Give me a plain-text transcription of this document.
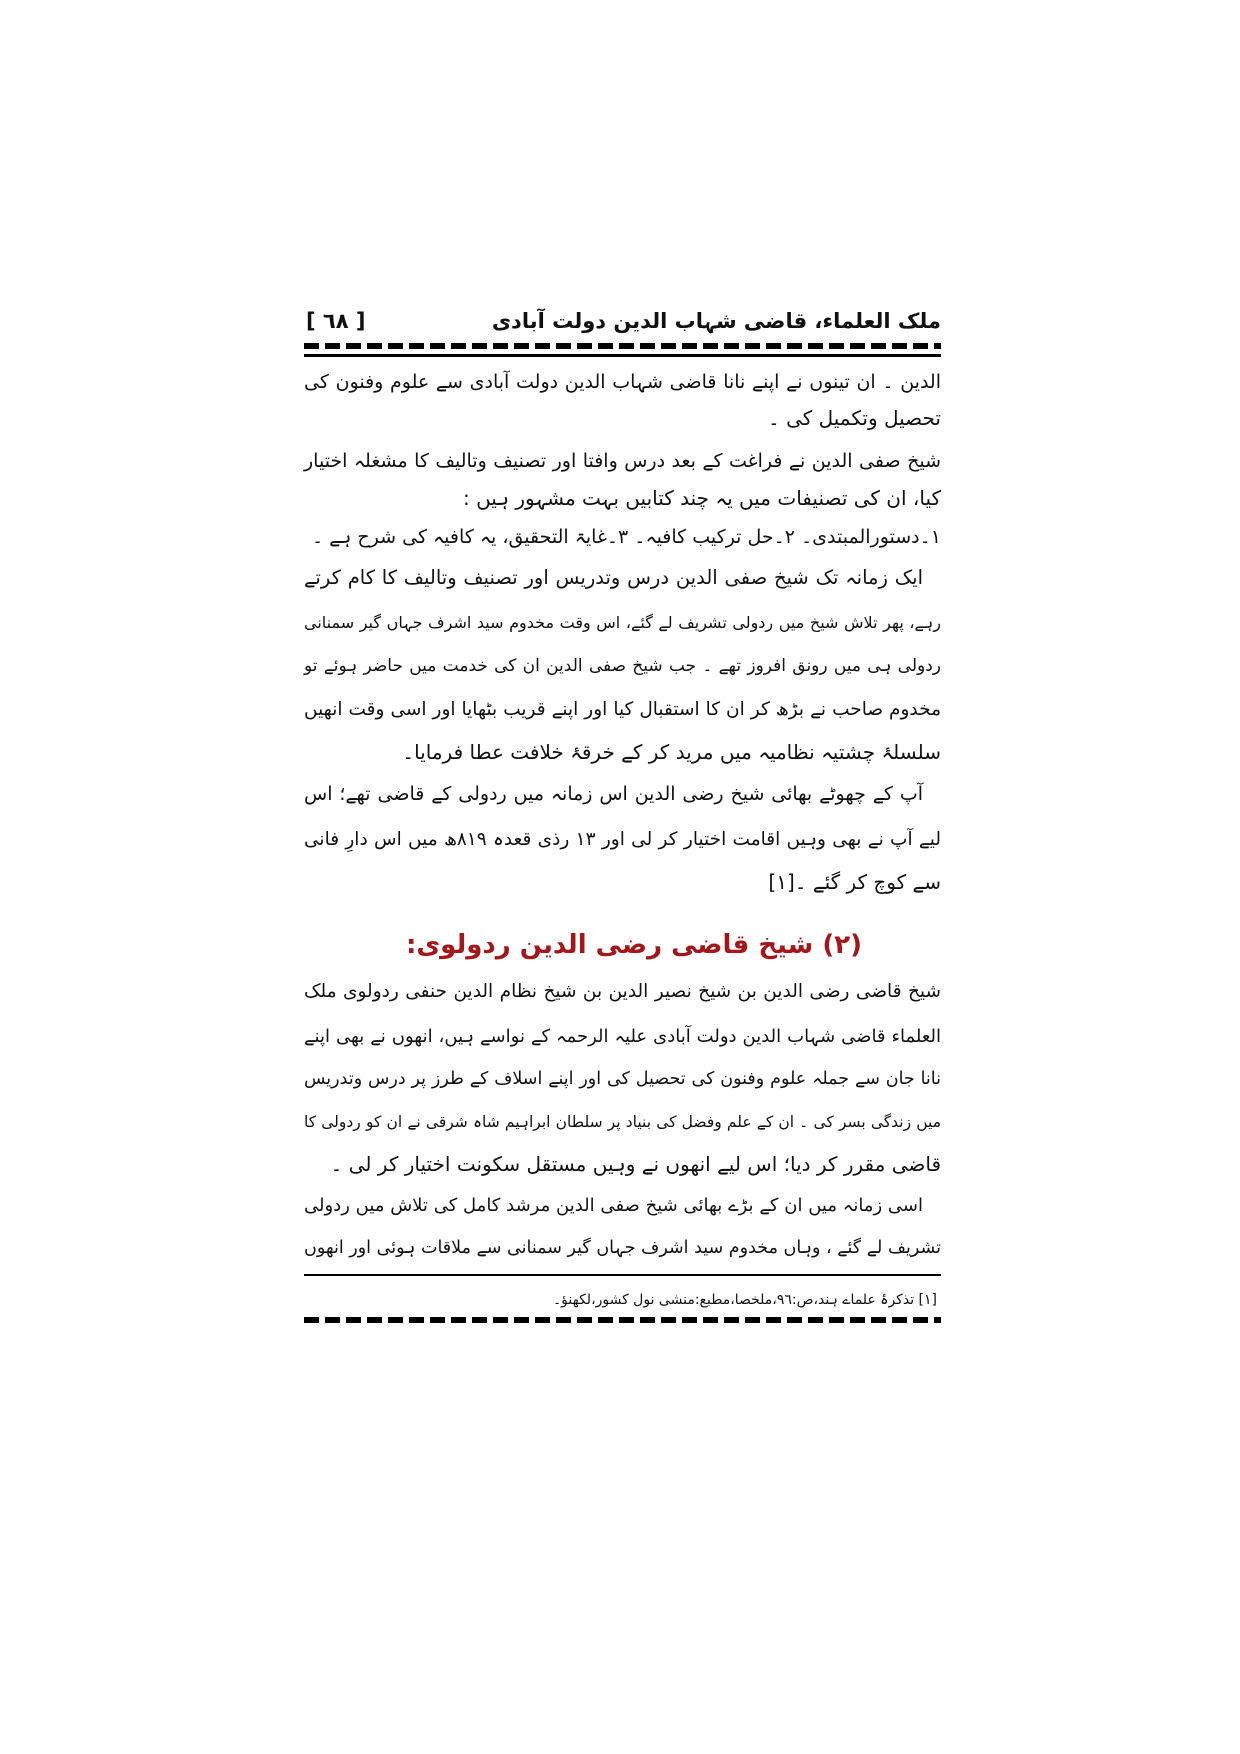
ملک العلماء، قاضی شہاب الدین دولت آبادی
[ ٦٨ ]
الدین ۔ ان تینوں نے اپنے نانا قاضی شہاب الدین دولت آبادی سے علوم وفنون کی
تحصیل وتکمیل کی ۔
شیخ صفی الدین نے فراغت کے بعد درس وافتا اور تصنیف وتالیف کا مشغلہ اختیار
کیا، ان کی تصنیفات میں یہ چند کتابیں بہت مشہور ہیں :
١۔دستورالمبتدی۔ ٢۔حل ترکیب کافیہ۔ ٣۔غایۃ التحقیق، یہ کافیہ کی شرح ہے ۔
ایک زمانہ تک شیخ صفی الدین درس وتدریس اور تصنیف وتالیف کا کام کرتے
رہے، پھر تلاش شیخ میں ردولی تشریف لے گئے، اس وقت مخدوم سید اشرف جہاں گیر سمنانی
ردولی ہی میں رونق افروز تھے ۔ جب شیخ صفی الدین ان کی خدمت میں حاضر ہوئے تو
مخدوم صاحب نے بڑھ کر ان کا استقبال کیا اور اپنے قریب بٹھایا اور اسی وقت انھیں
سلسلۂ چشتیہ نظامیہ میں مرید کر کے خرقۂ خلافت عطا فرمایا۔
آپ کے چھوٹے بھائی شیخ رضی الدین اس زمانہ میں ردولی کے قاضی تھے؛ اس
لیے آپ نے بھی وہیں اقامت اختیار کر لی اور ١٣ رذی قعدہ ٨١٩ھ میں اس دارِ فانی
سے کوچ کر گئے ۔[١]
(٢) شیخ قاضی رضی الدین ردولوی:
شیخ قاضی رضی الدین بن شیخ نصیر الدین بن شیخ نظام الدین حنفی ردولوی ملک
العلماء قاضی شہاب الدین دولت آبادی علیہ الرحمہ کے نواسے ہیں، انھوں نے بھی اپنے
نانا جان سے جملہ علوم وفنون کی تحصیل کی اور اپنے اسلاف کے طرز پر درس وتدریس
میں زندگی بسر کی ۔ ان کے علم وفضل کی بنیاد پر سلطان ابراہیم شاہ شرقی نے ان کو ردولی کا
قاضی مقرر کر دیا؛ اس لیے انھوں نے وہیں مستقل سکونت اختیار کر لی ۔
اسی زمانہ میں ان کے بڑے بھائی شیخ صفی الدین مرشد کامل کی تلاش میں ردولی
تشریف لے گئے ، وہاں مخدوم سید اشرف جہاں گیر سمنانی سے ملاقات ہوئی اور انھوں
[١] تذکرۂ علماے ہند،ص:٩٦،ملخصا،مطبع:منشی نول کشور،لکھنؤ۔
